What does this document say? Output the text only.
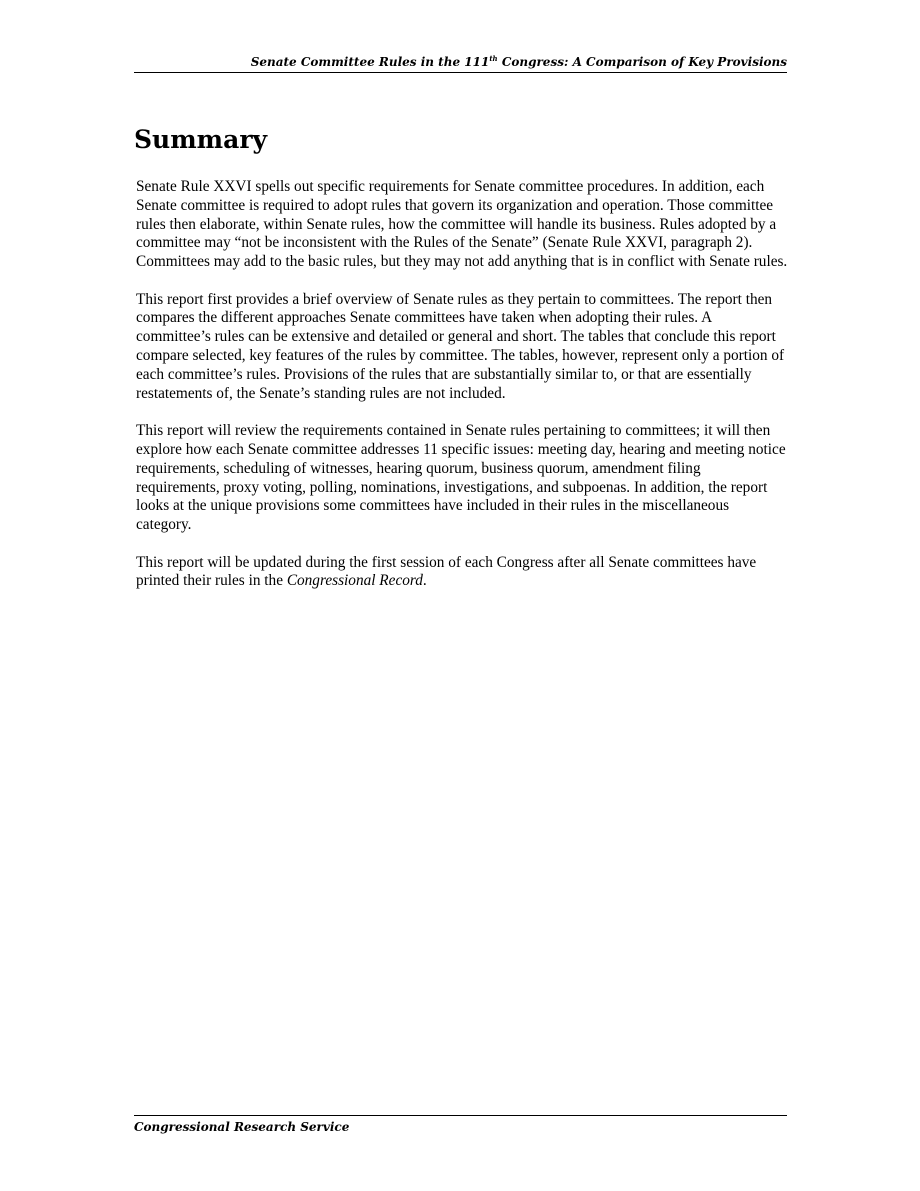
Senate Committee Rules in the 111th Congress: A Comparison of Key Provisions
Summary

Senate Rule XXVI spells out specific requirements for Senate committee procedures. In addition, each Senate committee is required to adopt rules that govern its organization and operation. Those committee rules then elaborate, within Senate rules, how the committee will handle its business. Rules adopted by a committee may “not be inconsistent with the Rules of the Senate” (Senate Rule XXVI, paragraph 2). Committees may add to the basic rules, but they may not add anything that is in conflict with Senate rules.

This report first provides a brief overview of Senate rules as they pertain to committees. The report then compares the different approaches Senate committees have taken when adopting their rules. A committee’s rules can be extensive and detailed or general and short. The tables that conclude this report compare selected, key features of the rules by committee. The tables, however, represent only a portion of each committee’s rules. Provisions of the rules that are substantially similar to, or that are essentially restatements of, the Senate’s standing rules are not included.

This report will review the requirements contained in Senate rules pertaining to committees; it will then explore how each Senate committee addresses 11 specific issues: meeting day, hearing and meeting notice requirements, scheduling of witnesses, hearing quorum, business quorum, amendment filing requirements, proxy voting, polling, nominations, investigations, and subpoenas. In addition, the report looks at the unique provisions some committees have included in their rules in the miscellaneous category.

This report will be updated during the first session of each Congress after all Senate committees have printed their rules in the Congressional Record.

Congressional Research Service
